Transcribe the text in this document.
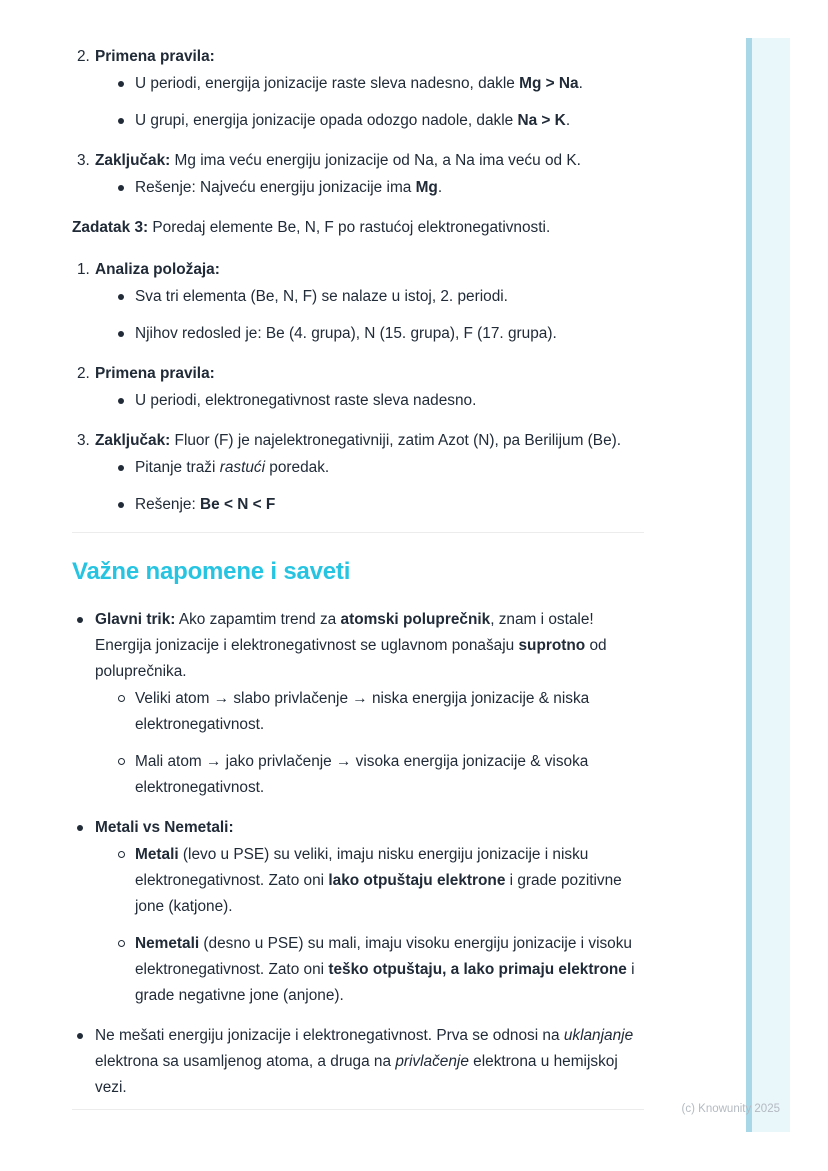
2. Primena pravila:
U periodi, energija jonizacije raste sleva nadesno, dakle Mg > Na.
U grupi, energija jonizacije opada odozgo nadole, dakle Na > K.
3. Zaključak: Mg ima veću energiju jonizacije od Na, a Na ima veću od K.
Rešenje: Najveću energiju jonizacije ima Mg.

Zadatak 3: Poredaj elemente Be, N, F po rastućoj elektronegativnosti.

1. Analiza položaja:
Sva tri elementa (Be, N, F) se nalaze u istoj, 2. periodi.
Njihov redosled je: Be (4. grupa), N (15. grupa), F (17. grupa).
2. Primena pravila:
U periodi, elektronegativnost raste sleva nadesno.
3. Zaključak: Fluor (F) je najelektronegativniji, zatim Azot (N), pa Berilijum (Be).
Pitanje traži rastući poredak.
Rešenje: Be < N < F
Važne napomene i saveti
Glavni trik: Ako zapamtim trend za atomski poluprečnik, znam i ostale! Energija jonizacije i elektronegativnost se uglavnom ponašaju suprotno od poluprečnika.
Veliki atom → slabo privlačenje → niska energija jonizacije & niska elektronegativnost.
Mali atom → jako privlačenje → visoka energija jonizacije & visoka elektronegativnost.
Metali vs Nemetali:
Metali (levo u PSE) su veliki, imaju nisku energiju jonizacije i nisku elektronegativnost. Zato oni lako otpuštaju elektrone i grade pozitivne jone (katjone).
Nemetali (desno u PSE) su mali, imaju visoku energiju jonizacije i visoku elektronegativnost. Zato oni teško otpuštaju, a lako primaju elektrone i grade negativne jone (anjone).
Ne mešati energiju jonizacije i elektronegativnost. Prva se odnosi na uklanjanje elektrona sa usamljenog atoma, a druga na privlačenje elektrona u hemijskoj vezi.
(c) Knowunity 2025
